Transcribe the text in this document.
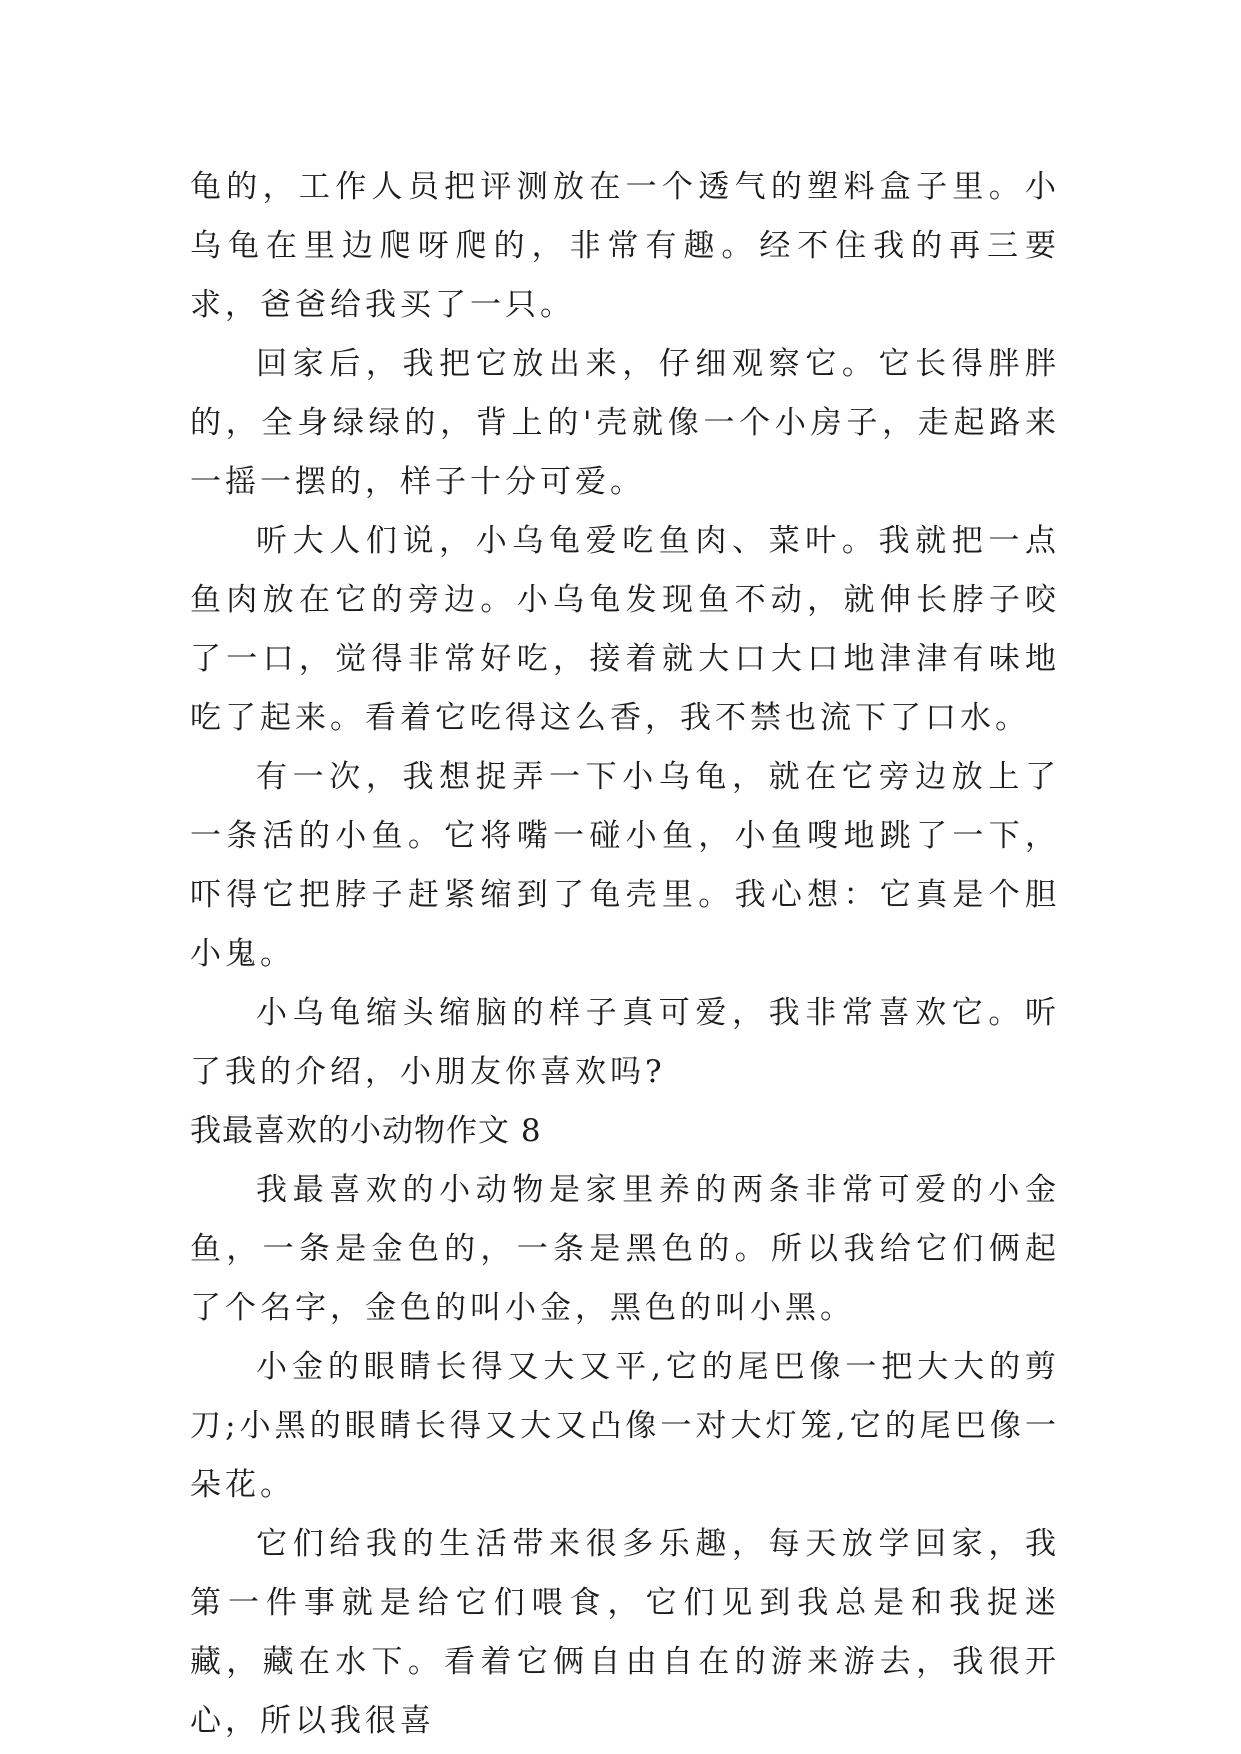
龟的，工作人员把评测放在一个透气的塑料盒子里。小乌龟在里边爬呀爬的，非常有趣。经不住我的再三要求，爸爸给我买了一只。

回家后，我把它放出来，仔细观察它。它长得胖胖的，全身绿绿的，背上的'壳就像一个小房子，走起路来一摇一摆的，样子十分可爱。

听大人们说，小乌龟爱吃鱼肉、菜叶。我就把一点鱼肉放在它的旁边。小乌龟发现鱼不动，就伸长脖子咬了一口，觉得非常好吃，接着就大口大口地津津有味地吃了起来。看着它吃得这么香，我不禁也流下了口水。

有一次，我想捉弄一下小乌龟，就在它旁边放上了一条活的小鱼。它将嘴一碰小鱼，小鱼嗖地跳了一下，吓得它把脖子赶紧缩到了龟壳里。我心想：它真是个胆小鬼。

小乌龟缩头缩脑的样子真可爱，我非常喜欢它。听了我的介绍，小朋友你喜欢吗?

我最喜欢的小动物作文 8

我最喜欢的小动物是家里养的两条非常可爱的小金鱼，一条是金色的，一条是黑色的。所以我给它们俩起了个名字，金色的叫小金，黑色的叫小黑。

小金的眼睛长得又大又平,它的尾巴像一把大大的剪刀;小黑的眼睛长得又大又凸像一对大灯笼,它的尾巴像一朵花。

它们给我的生活带来很多乐趣，每天放学回家，我第一件事就是给它们喂食，它们见到我总是和我捉迷藏，藏在水下。看着它俩自由自在的游来游去，我很开心，所以我很喜
